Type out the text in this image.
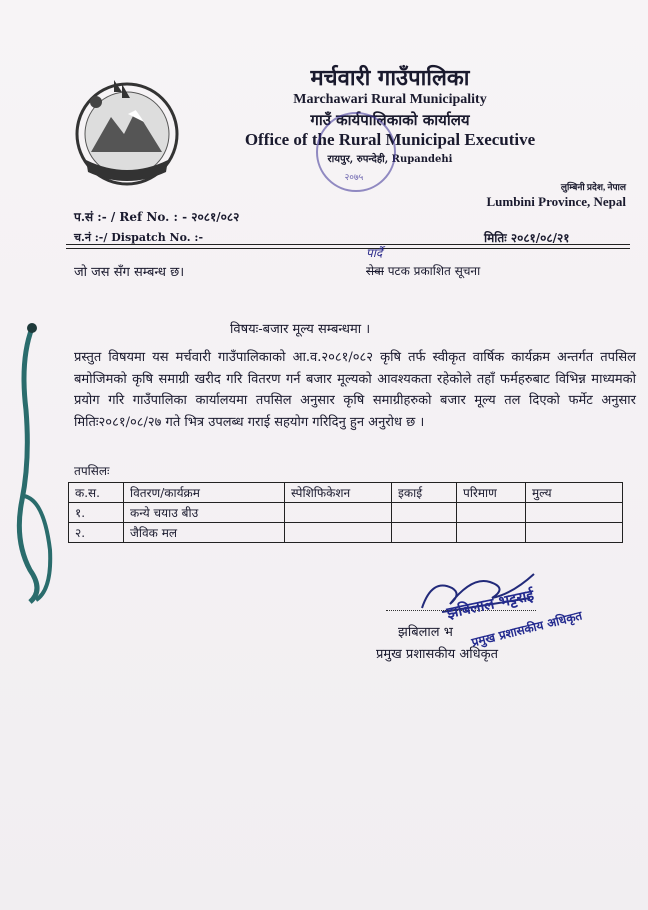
मर्चवारी गाउँपालिका
Marchawari Rural Municipality
गाउँ कार्यपालिकाको कार्यालय
Office of the Rural Municipal Executive
रायपुर, रुपन्देही, Rupandehi
२०७५
लुम्बिनी प्रदेश, नेपाल
Lumbini Province, Nepal
प.सं :- / Ref No. : - २०८१/०८२
च.नं :-/ Dispatch No. :-	मितिः २०८१/०८/२१
जो जस सँग सम्बन्ध छ।
पार्दै
सेवा पटक प्रकाशित सूचना
विषयः-बजार मूल्य सम्बन्धमा ।
प्रस्तुत विषयमा यस मर्चवारी गाउँपालिकाको आ.व.२०८१/०८२ कृषि तर्फ स्वीकृत वार्षिक कार्यक्रम अन्तर्गत तपसिल बमोजिमको कृषि समाग्री खरीद गरि वितरण गर्न बजार मूल्यको आवश्यकता रहेकोले तहाँ फर्महरुबाट विभिन्न माध्यमको प्रयोग गरि गाउँपालिका कार्यालयमा तपसिल अनुसार कृषि समाग्रीहरुको बजार मूल्य तल दिएको फर्मेट अनुसार मितिः२०८१/०८/२७ गते भित्र उपलब्ध गराई सहयोग गरिदिनु हुन अनुरोध छ ।
तपसिलः
क.स.	वितरण/कार्यक्रम	स्पेशिफिकेशन	इकाई	परिमाण	मुल्य
१.	कन्ये चयाउ बीउ				
२.	जैविक मल				
झबिलाल भट्टराई
प्रमुख प्रशासकीय अधिकृत
झबिलाल भ
प्रमुख प्रशासकीय अधिकृत
